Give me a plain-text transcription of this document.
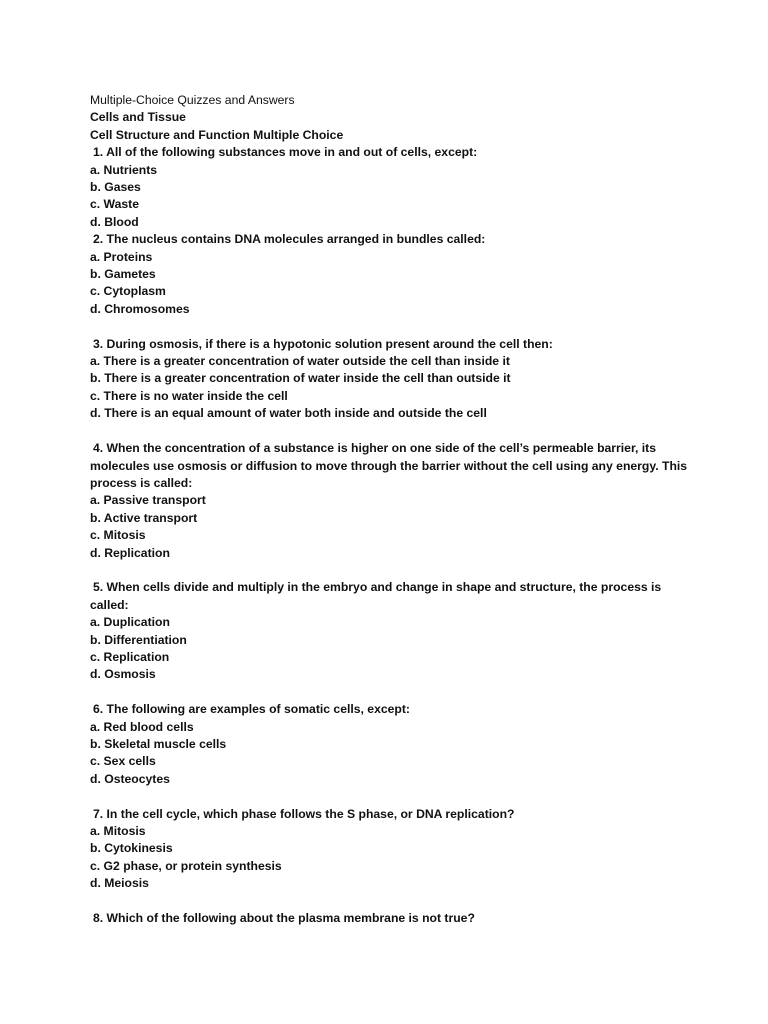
Multiple-Choice Quizzes and Answers

Cells and Tissue

Cell Structure and Function Multiple Choice

1. All of the following substances move in and out of cells, except:

a. Nutrients

b. Gases

c. Waste

d. Blood

2. The nucleus contains DNA molecules arranged in bundles called:

a. Proteins

b. Gametes

c. Cytoplasm

d. Chromosomes

3. During osmosis, if there is a hypotonic solution present around the cell then:

a. There is a greater concentration of water outside the cell than inside it

b. There is a greater concentration of water inside the cell than outside it

c. There is no water inside the cell

d. There is an equal amount of water both inside and outside the cell

4. When the concentration of a substance is higher on one side of the cell’s permeable barrier, its

molecules use osmosis or diffusion to move through the barrier without the cell using any energy. This

process is called:

a. Passive transport

b. Active transport

c. Mitosis

d. Replication

5. When cells divide and multiply in the embryo and change in shape and structure, the process is

called:

a. Duplication

b. Differentiation

c. Replication

d. Osmosis

6. The following are examples of somatic cells, except:

a. Red blood cells

b. Skeletal muscle cells

c. Sex cells

d. Osteocytes

7. In the cell cycle, which phase follows the S phase, or DNA replication?

a. Mitosis

b. Cytokinesis

c. G2 phase, or protein synthesis

d. Meiosis

8. Which of the following about the plasma membrane is not true?
